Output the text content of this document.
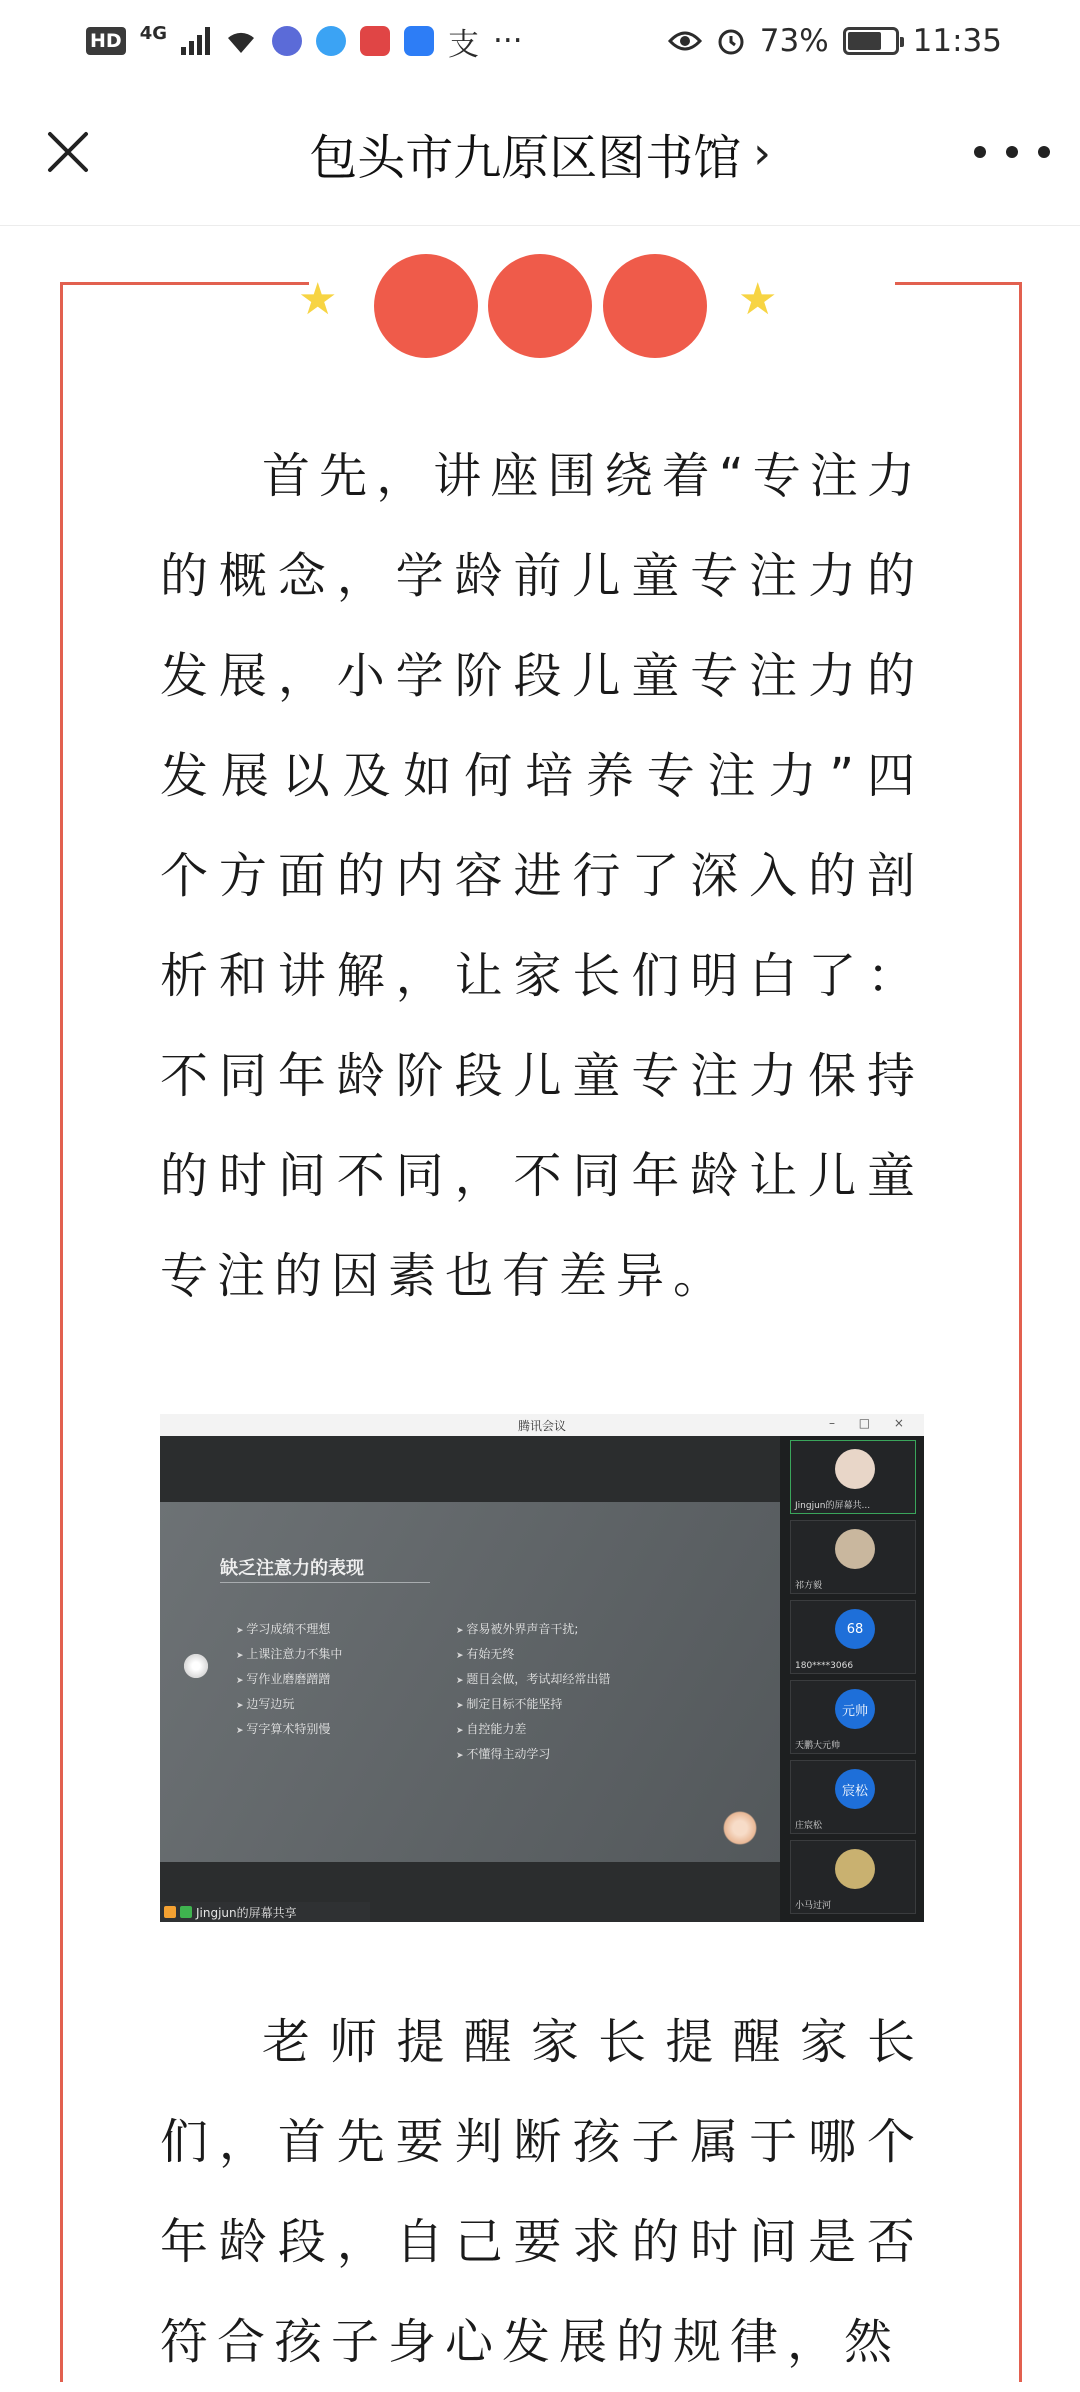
HD 4G	支 ···	73%	11:35
包头市九原区图书馆 ›
★	★

首先，讲座围绕着“专注力的概念，学龄前儿童专注力的发展，小学阶段儿童专注力的发展以及如何培养专注力”四个方面的内容进行了深入的剖析和讲解，让家长们明白了：不同年龄阶段儿童专注力保持的时间不同，不同年龄让儿童专注的因素也有差异。

腾讯会议	– □ ×
缺乏注意力的表现
➤ 学习成绩不理想
➤ 上课注意力不集中
➤ 写作业磨磨蹭蹭
➤ 边写边玩
➤ 写字算术特别慢
➤ 容易被外界声音干扰;
➤ 有始无终
➤ 题目会做，考试却经常出错
➤ 制定目标不能坚持
➤ 自控能力差
➤ 不懂得主动学习
Jingjun的屏幕共享
Jingjun的屏幕共...
祁方毅
68
180****3066
元帅
天鹏大元帅
宸松
庄宸松
小马过河

老师提醒家长提醒家长们，首先要判断孩子属于哪个年龄段，自己要求的时间是否符合孩子身心发展的规律，然
